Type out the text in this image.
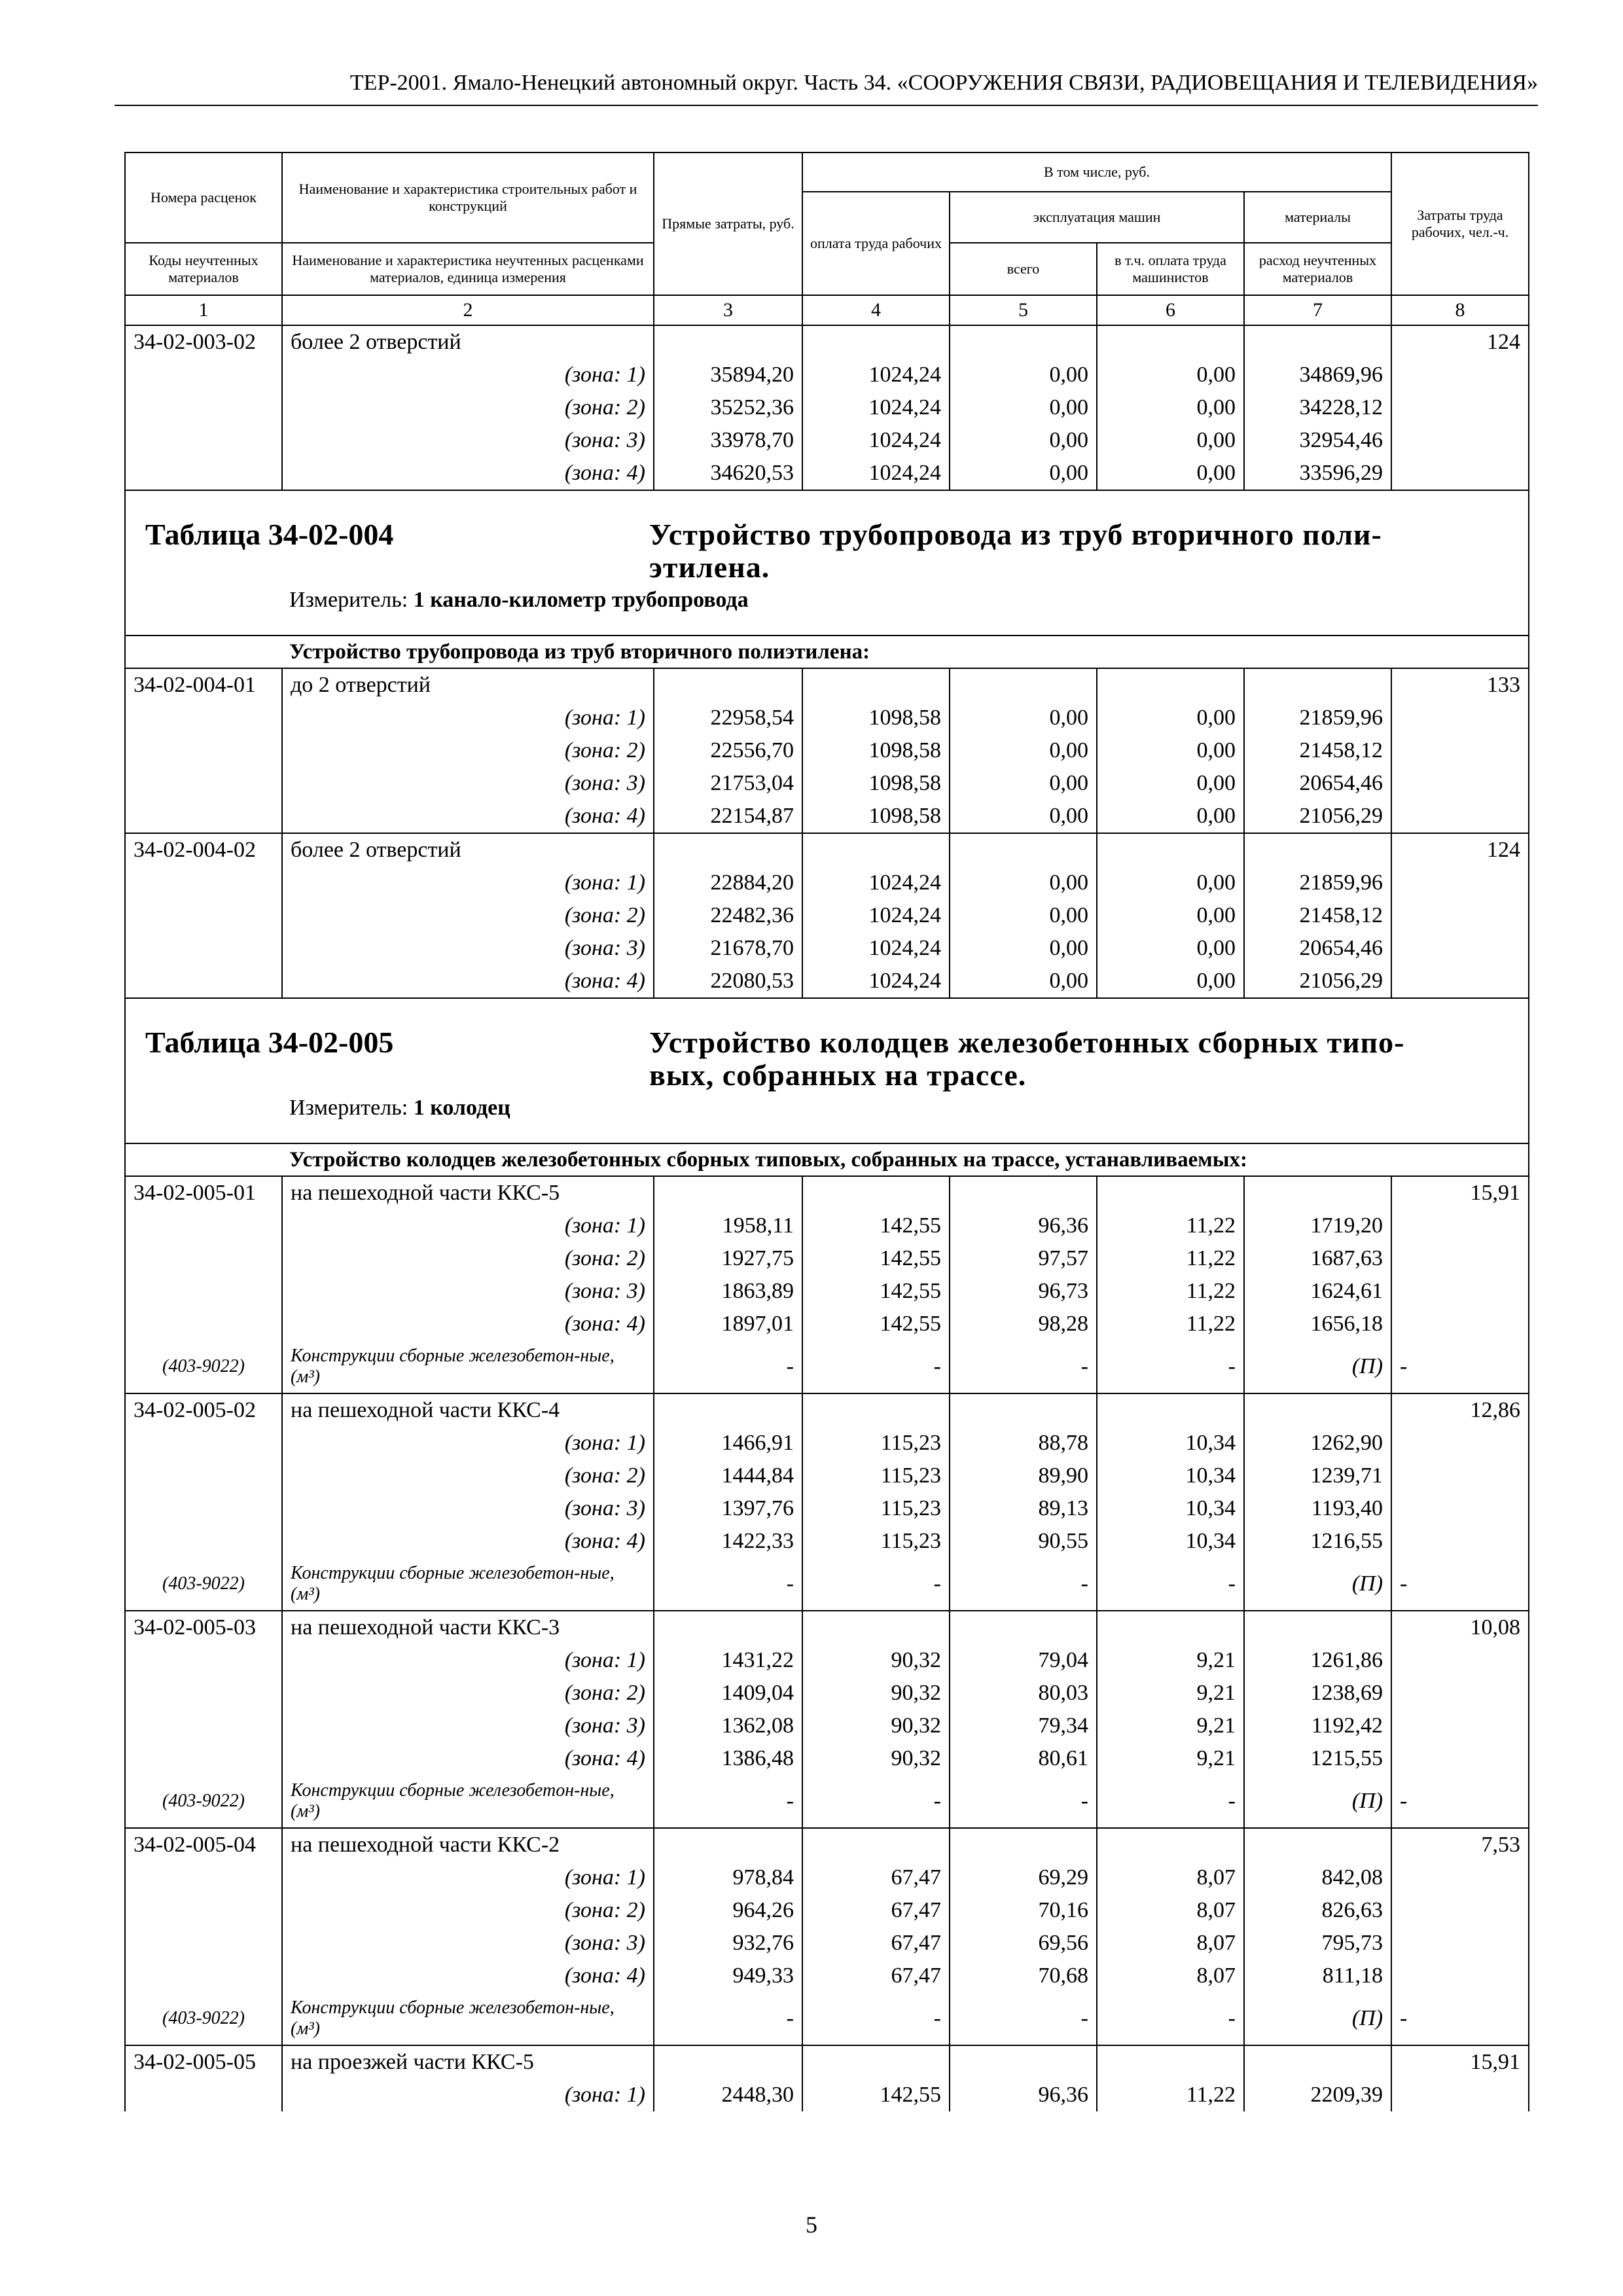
ТЕР-2001. Ямало-Ненецкий автономный округ. Часть 34. «СООРУЖЕНИЯ СВЯЗИ, РАДИОВЕЩАНИЯ И ТЕЛЕВИДЕНИЯ»
Номера расценок	Наименование и характеристика строительных работ и конструкций	Прямые затраты, руб.	В том числе, руб.				Затраты труда рабочих, чел.-ч.
			оплата труда рабочих	эксплуатация машин		материалы	
Коды неучтенных материалов	Наименование и характеристика неучтенных расценками материалов, единица измерения			всего	в т.ч. оплата труда машинистов	расход неучтенных материалов	

1	2	3	4	5	6	7	8
34-02-003-02	более 2 отверстий						124
	(зона: 1)	35894,20	1024,24	0,00	0,00	34869,96	
	(зона: 2)	35252,36	1024,24	0,00	0,00	34228,12	
	(зона: 3)	33978,70	1024,24	0,00	0,00	32954,46	
	(зона: 4)	34620,53	1024,24	0,00	0,00	33596,29	

Таблица 34-02-004 Устройство трубопровода из труб вторичного поли-этилена.
Измеритель: 1 канало-километр трубопровода							

Устройство трубопровода из труб вторичного полиэтилена:							
34-02-004-01	до 2 отверстий						133
	(зона: 1)	22958,54	1098,58	0,00	0,00	21859,96	
	(зона: 2)	22556,70	1098,58	0,00	0,00	21458,12	
	(зона: 3)	21753,04	1098,58	0,00	0,00	20654,46	
	(зона: 4)	22154,87	1098,58	0,00	0,00	21056,29	
34-02-004-02	более 2 отверстий						124
	(зона: 1)	22884,20	1024,24	0,00	0,00	21859,96	
	(зона: 2)	22482,36	1024,24	0,00	0,00	21458,12	
	(зона: 3)	21678,70	1024,24	0,00	0,00	20654,46	
	(зона: 4)	22080,53	1024,24	0,00	0,00	21056,29	

Таблица 34-02-005 Устройство колодцев железобетонных сборных типо-вых, собранных на трассе.
Измеритель: 1 колодец							

Устройство колодцев железобетонных сборных типовых, собранных на трассе, устанавливаемых:							
34-02-005-01	на пешеходной части ККС-5						15,91
	(зона: 1)	1958,11	142,55	96,36	11,22	1719,20	
	(зона: 2)	1927,75	142,55	97,57	11,22	1687,63	
	(зона: 3)	1863,89	142,55	96,73	11,22	1624,61	
	(зона: 4)	1897,01	142,55	98,28	11,22	1656,18	
(403-9022)	Конструкции сборные железобетон-ные, (м³)	-	-	-	-	(П)	-
34-02-005-02	на пешеходной части ККС-4						12,86
	(зона: 1)	1466,91	115,23	88,78	10,34	1262,90	
	(зона: 2)	1444,84	115,23	89,90	10,34	1239,71	
	(зона: 3)	1397,76	115,23	89,13	10,34	1193,40	
	(зона: 4)	1422,33	115,23	90,55	10,34	1216,55	
(403-9022)	Конструкции сборные железобетон-ные, (м³)	-	-	-	-	(П)	-
34-02-005-03	на пешеходной части ККС-3						10,08
	(зона: 1)	1431,22	90,32	79,04	9,21	1261,86	
	(зона: 2)	1409,04	90,32	80,03	9,21	1238,69	
	(зона: 3)	1362,08	90,32	79,34	9,21	1192,42	
	(зона: 4)	1386,48	90,32	80,61	9,21	1215,55	
(403-9022)	Конструкции сборные железобетон-ные, (м³)	-	-	-	-	(П)	-
34-02-005-04	на пешеходной части ККС-2						7,53
	(зона: 1)	978,84	67,47	69,29	8,07	842,08	
	(зона: 2)	964,26	67,47	70,16	8,07	826,63	
	(зона: 3)	932,76	67,47	69,56	8,07	795,73	
	(зона: 4)	949,33	67,47	70,68	8,07	811,18	
(403-9022)	Конструкции сборные железобетон-ные, (м³)	-	-	-	-	(П)	-
34-02-005-05	на проезжей части ККС-5						15,91
	(зона: 1)	2448,30	142,55	96,36	11,22	2209,39	
5
